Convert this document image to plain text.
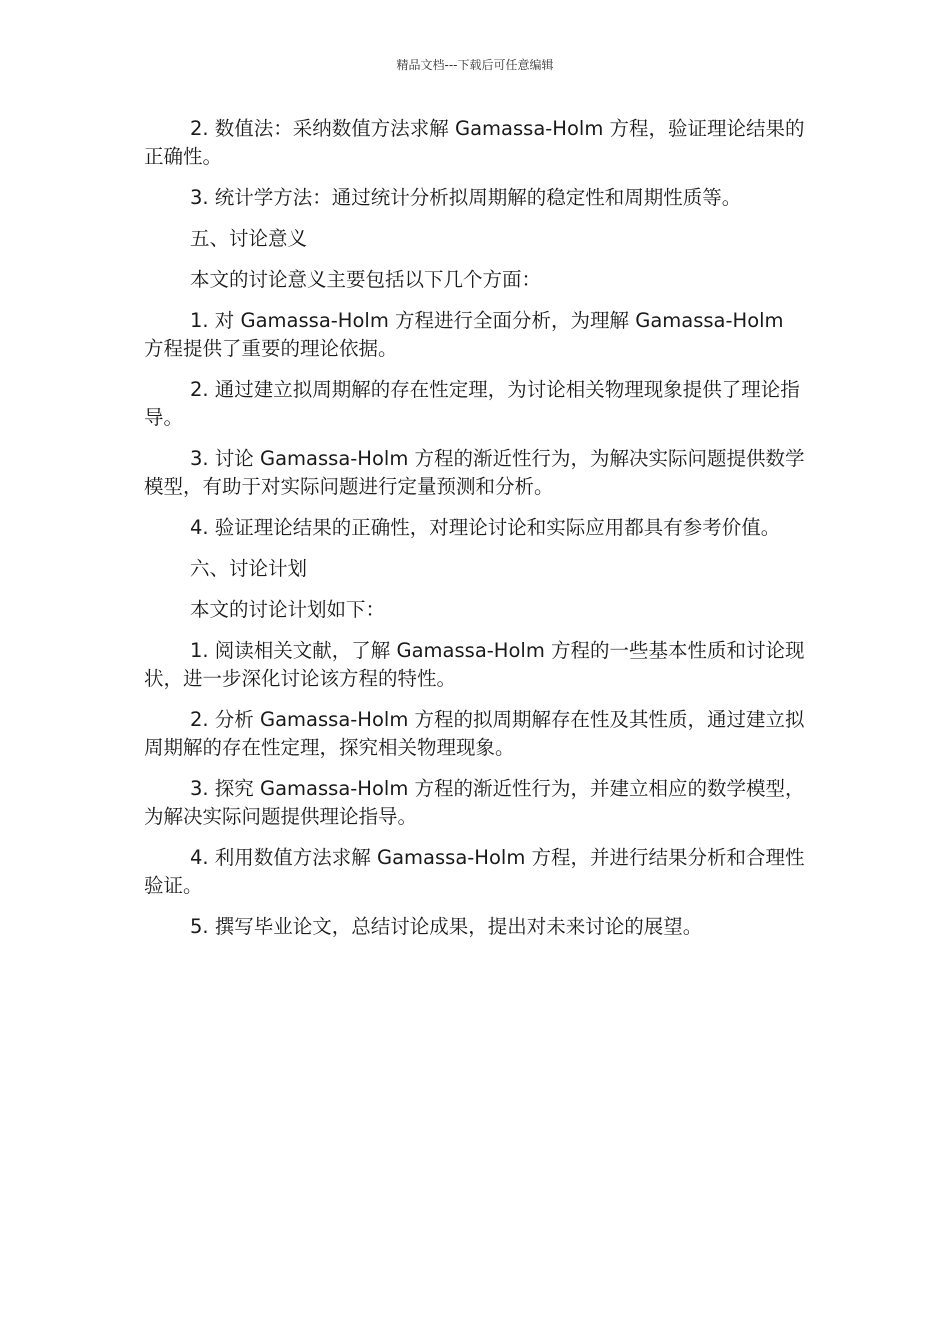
精品文档---下载后可任意编辑

2. 数值法：采纳数值方法求解 Gamassa-Holm 方程，验证理论结果的正确性。

3. 统计学方法：通过统计分析拟周期解的稳定性和周期性质等。

五、讨论意义

本文的讨论意义主要包括以下几个方面：

1. 对 Gamassa-Holm 方程进行全面分析，为理解 Gamassa-Holm 方程提供了重要的理论依据。

2. 通过建立拟周期解的存在性定理，为讨论相关物理现象提供了理论指导。

3. 讨论 Gamassa-Holm 方程的渐近性行为，为解决实际问题提供数学模型，有助于对实际问题进行定量预测和分析。

4. 验证理论结果的正确性，对理论讨论和实际应用都具有参考价值。

六、讨论计划

本文的讨论计划如下：

1. 阅读相关文献，了解 Gamassa-Holm 方程的一些基本性质和讨论现状，进一步深化讨论该方程的特性。

2. 分析 Gamassa-Holm 方程的拟周期解存在性及其性质，通过建立拟周期解的存在性定理，探究相关物理现象。

3. 探究 Gamassa-Holm 方程的渐近性行为，并建立相应的数学模型，为解决实际问题提供理论指导。

4. 利用数值方法求解 Gamassa-Holm 方程，并进行结果分析和合理性验证。

5. 撰写毕业论文，总结讨论成果，提出对未来讨论的展望。
